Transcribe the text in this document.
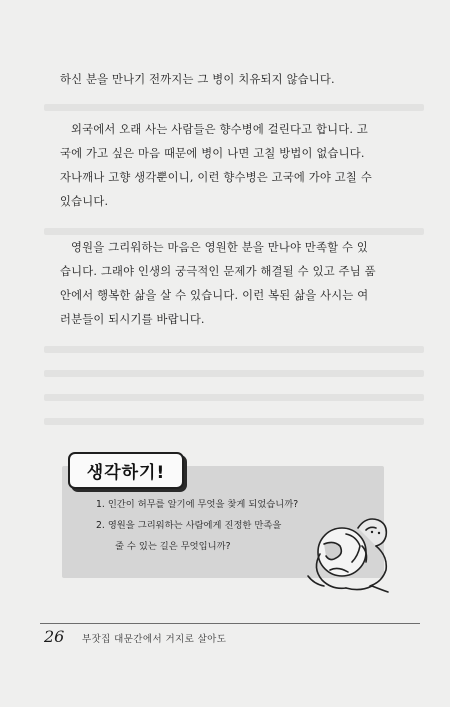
하신 분을 만나기 전까지는 그 병이 치유되지 않습니다.

외국에서 오래 사는 사람들은 향수병에 걸린다고 합니다. 고
국에 가고 싶은 마음 때문에 병이 나면 고칠 방법이 없습니다.
자나깨나 고향 생각뿐이니, 이런 향수병은 고국에 가야 고칠 수
있습니다.

영원을 그리워하는 마음은 영원한 분을 만나야 만족할 수 있
습니다. 그래야 인생의 궁극적인 문제가 해결될 수 있고 주님 품
안에서 행복한 삶을 살 수 있습니다. 이런 복된 삶을 사시는 여
러분들이 되시기를 바랍니다.

생각하기!

1. 인간이 허무를 알기에 무엇을 찾게 되었습니까?
2. 영원을 그리워하는 사람에게 진정한 만족을
줄 수 있는 길은 무엇입니까?

26 부잣집 대문간에서 거지로 살아도
